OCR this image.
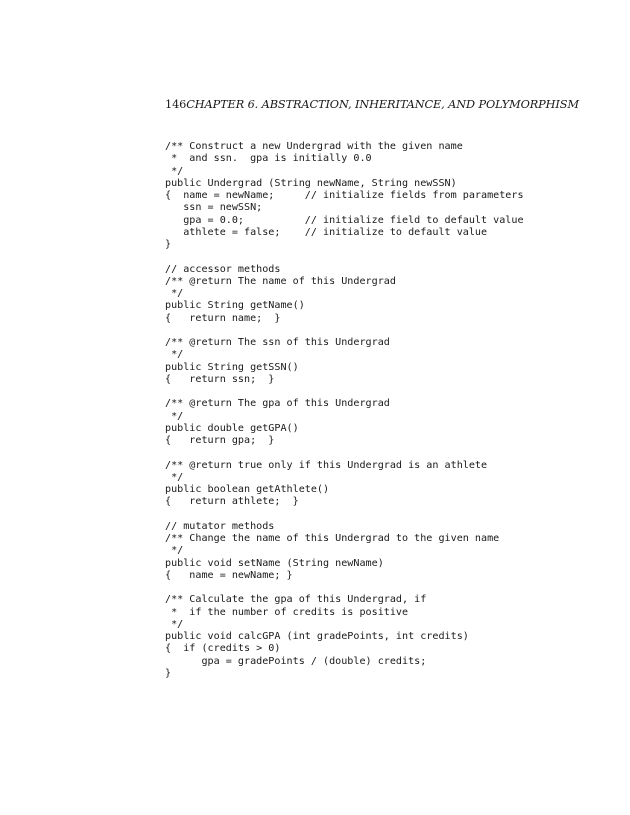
146CHAPTER 6. ABSTRACTION, INHERITANCE, AND POLYMORPHISM
/** Construct a new Undergrad with the given name
*  and ssn.  gpa is initially 0.0
*/
public Undergrad (String newName, String newSSN)
{  name = newName;     // initialize fields from parameters
ssn = newSSN;
gpa = 0.0;          // initialize field to default value
athlete = false;    // initialize to default value
}

// accessor methods
/** @return The name of this Undergrad
*/
public String getName()
{   return name;  }

/** @return The ssn of this Undergrad
*/
public String getSSN()
{   return ssn;  }

/** @return The gpa of this Undergrad
*/
public double getGPA()
{   return gpa;  }

/** @return true only if this Undergrad is an athlete
*/
public boolean getAthlete()
{   return athlete;  }

// mutator methods
/** Change the name of this Undergrad to the given name
*/
public void setName (String newName)
{   name = newName; }

/** Calculate the gpa of this Undergrad, if
*  if the number of credits is positive
*/
public void calcGPA (int gradePoints, int credits)
{  if (credits > 0)
gpa = gradePoints / (double) credits;
}
